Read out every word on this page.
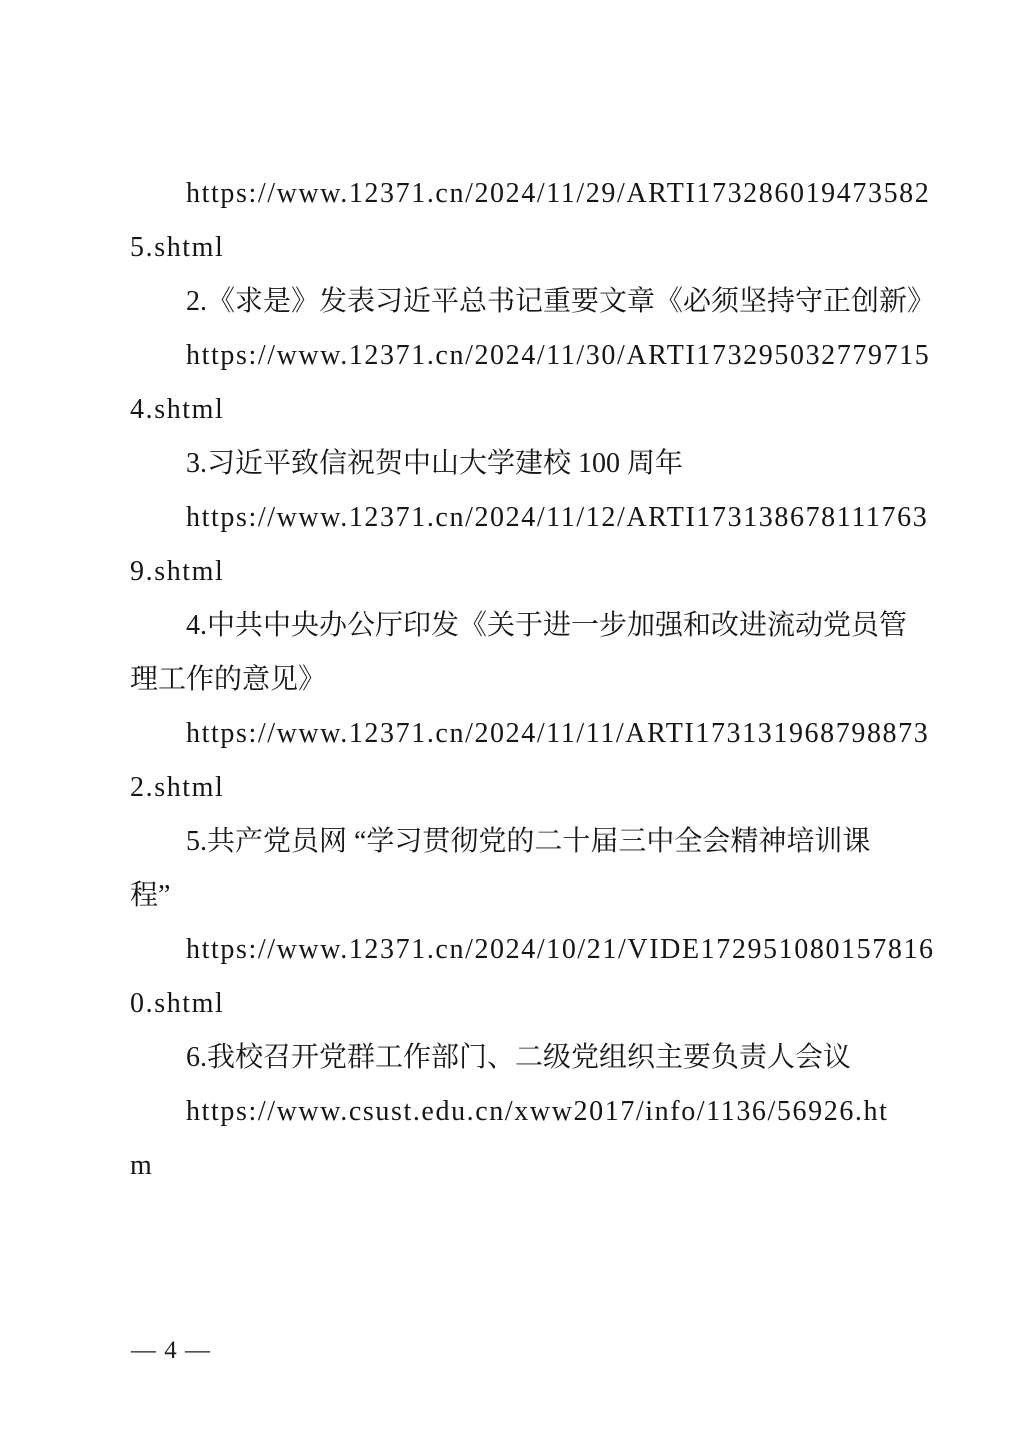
https://www.12371.cn/2024/11/29/ARTI173286019473582
5.shtml
2.《求是》发表习近平总书记重要文章《必须坚持守正创新》
https://www.12371.cn/2024/11/30/ARTI173295032779715
4.shtml
3.习近平致信祝贺中山大学建校 100 周年
https://www.12371.cn/2024/11/12/ARTI173138678111763
9.shtml
4.中共中央办公厅印发《关于进一步加强和改进流动党员管
理工作的意见》
https://www.12371.cn/2024/11/11/ARTI173131968798873
2.shtml
5.共产党员网 “学习贯彻党的二十届三中全会精神培训课
程”
https://www.12371.cn/2024/10/21/VIDE172951080157816
0.shtml
6.我校召开党群工作部门、二级党组织主要负责人会议
https://www.csust.edu.cn/xww2017/info/1136/56926.ht
m
— 4 —
